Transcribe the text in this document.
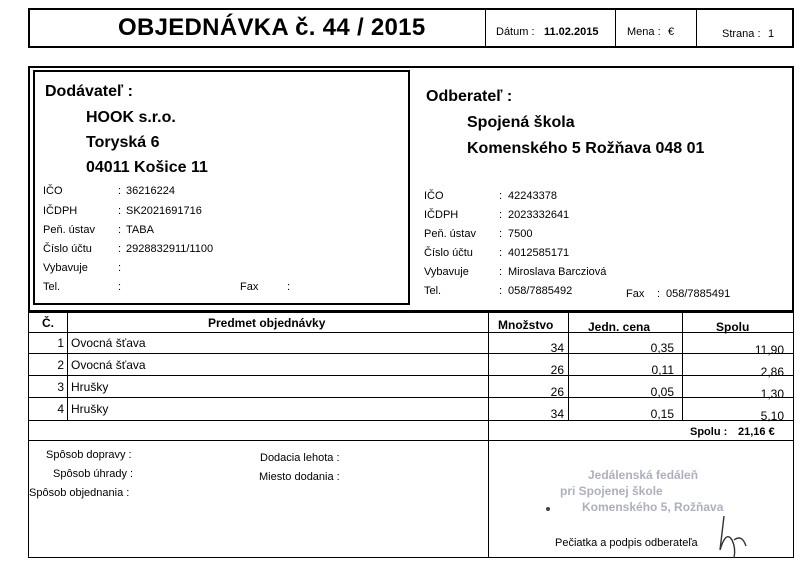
OBJEDNÁVKA č. 44 / 2015	Dátum : 11.02.2015	Mena : €	Strana : 1
Dodávateľ :
HOOK s.r.o.
Toryská 6
04011 Košice 11
IČO	: 36216224
IČDPH	: SK2021691716
Peň. ústav : TABA
Číslo účtu : 2928832911/1100
Vybavuje	:
Tel.	:	Fax	:
Odberateľ :
Spojená škola
Komenského 5 Rožňava 048 01
IČO	: 42243378
IČDPH	: 2023332641
Peň. ústav : 7500
Číslo účtu : 4012585171
Vybavuje	: Miroslava Barcziová
Tel.	: 058/7885492	Fax : 058/7885491
Č.	Predmet objednávky	Množstvo	Jedn. cena	Spolu
1 Ovocná šťava	34	0,35	11,90
2 Ovocná šťava	26	0,11	2,86
3 Hrušky	26	0,05	1,30
4 Hrušky	34	0,15	5,10
Spolu : 21,16 €
Spôsob dopravy :
Spôsob úhrady :
Spôsob objednania :
Dodacia lehota :
Miesto dodania :	Jedálenská fedáleň
pri Spojenej škole
Komenského 5, Rožňava
Pečiatka a podpis odberateľa
